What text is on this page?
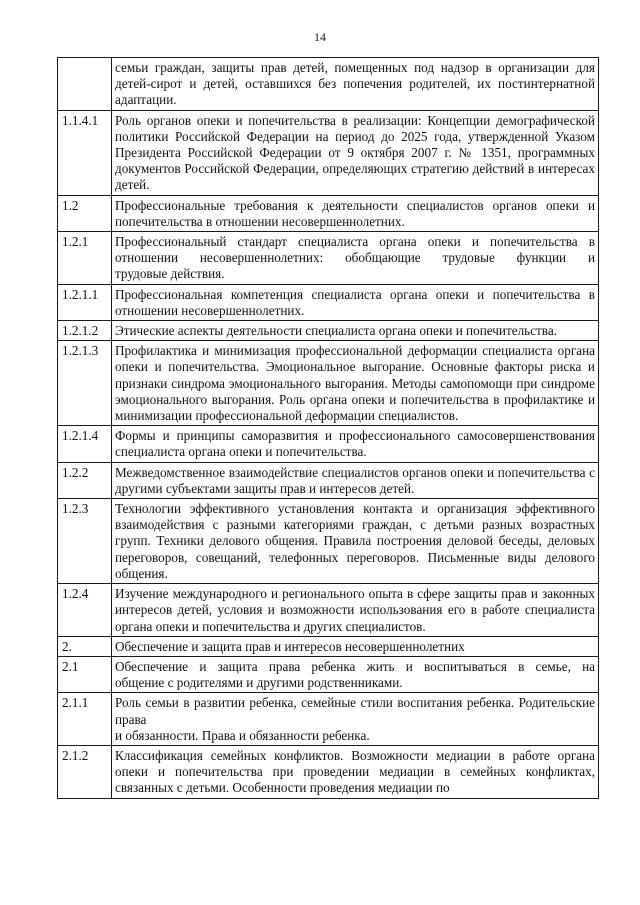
14
	семьи граждан, защиты прав детей, помещенных под надзор в организации для детей-сирот и детей, оставшихся без попечения родителей, их постинтернатной адаптации.
1.1.4.1	Роль органов опеки и попечительства в реализации: Концепции демографической политики Российской Федерации на период до 2025 года, утвержденной Указом Президента Российской Федерации от 9 октября 2007 г. № 1351, программных документов Российской Федерации, определяющих стратегию действий в интересах детей.
1.2	Профессиональные требования к деятельности специалистов органов опеки и попечительства в отношении несовершеннолетних.
1.2.1	Профессиональный стандарт специалиста органа опеки и попечительства в
отношении несовершеннолетних: обобщающие трудовые функции и
трудовые действия.

1.2.1.1	Профессиональная компетенция специалиста органа опеки и попечительства в отношении несовершеннолетних.
1.2.1.2	Этические аспекты деятельности специалиста органа опеки и попечительства.
1.2.1.3	Профилактика и минимизация профессиональной деформации специалиста органа опеки и попечительства. Эмоциональное выгорание. Основные факторы риска и признаки синдрома эмоционального выгорания. Методы самопомощи при синдроме эмоционального выгорания. Роль органа опеки и попечительства в профилактике и минимизации профессиональной деформации специалистов.
1.2.1.4	Формы и принципы саморазвития и профессионального самосовершенствования специалиста органа опеки и попечительства.
1.2.2	Межведомственное взаимодействие специалистов органов опеки и попечительства с другими субъектами защиты прав и интересов детей.
1.2.3	Технологии эффективного установления контакта и организация эффективного взаимодействия с разными категориями граждан, с детьми разных возрастных групп. Техники делового общения. Правила построения деловой беседы, деловых переговоров, совещаний, телефонных переговоров. Письменные виды делового общения.
1.2.4	Изучение международного и регионального опыта в сфере защиты прав и законных интересов детей, условия и возможности использования его в работе специалиста органа опеки и попечительства и других специалистов.
2.	Обеспечение и защита прав и интересов несовершеннолетних
2.1	Обеспечение и защита права ребенка жить и воспитываться в семье, на
общение с родителями и другими родственниками.

2.1.1	Роль семьи в развитии ребенка, семейные стили воспитания ребенка. Родительские права
и обязанности. Права и обязанности ребенка.

2.1.2	Классификация семейных конфликтов. Возможности медиации в работе органа опеки и попечительства при проведении медиации в семейных конфликтах, связанных с детьми. Особенности проведения медиации по
